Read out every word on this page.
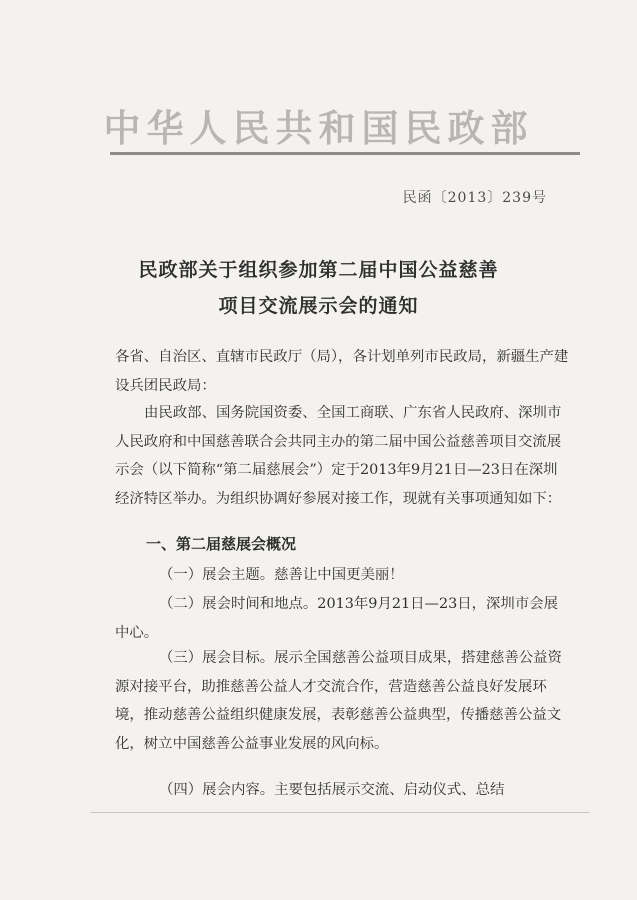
中华人民共和国民政部
民函〔2013〕239号
民政部关于组织参加第二届中国公益慈善
项目交流展示会的通知
各省、自治区、直辖市民政厅（局），各计划单列市民政局，新疆生产建设兵团民政局：
由民政部、国务院国资委、全国工商联、广东省人民政府、深圳市人民政府和中国慈善联合会共同主办的第二届中国公益慈善项目交流展示会（以下简称“第二届慈展会”）定于2013年9月21日—23日在深圳经济特区举办。为组织协调好参展对接工作，现就有关事项通知如下：
一、第二届慈展会概况
（一）展会主题。慈善让中国更美丽！
（二）展会时间和地点。2013年9月21日—23日，深圳市会展中心。
（三）展会目标。展示全国慈善公益项目成果，搭建慈善公益资源对接平台，助推慈善公益人才交流合作，营造慈善公益良好发展环境，推动慈善公益组织健康发展，表彰慈善公益典型，传播慈善公益文化，树立中国慈善公益事业发展的风向标。
（四）展会内容。主要包括展示交流、启动仪式、总结
